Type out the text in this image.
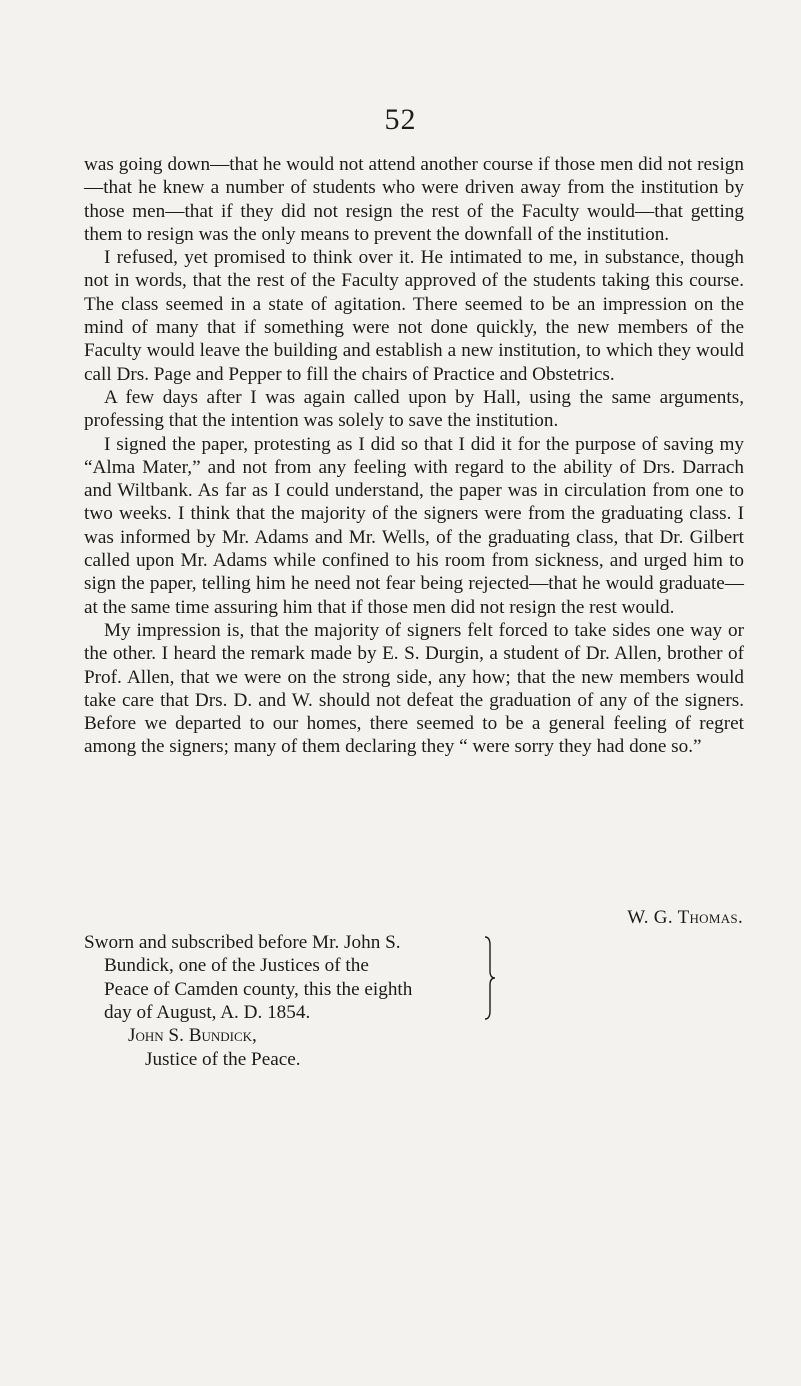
52

was going down—that he would not attend another course if those men did not resign—that he knew a number of students who were driven away from the institution by those men—that if they did not resign the rest of the Faculty would—that getting them to resign was the only means to prevent the downfall of the institution.

I refused, yet promised to think over it. He intimated to me, in substance, though not in words, that the rest of the Faculty approved of the students taking this course. The class seemed in a state of agitation. There seemed to be an impression on the mind of many that if something were not done quickly, the new members of the Faculty would leave the building and establish a new institution, to which they would call Drs. Page and Pepper to fill the chairs of Practice and Obstetrics.

A few days after I was again called upon by Hall, using the same arguments, professing that the intention was solely to save the institution.

I signed the paper, protesting as I did so that I did it for the purpose of saving my “Alma Mater,” and not from any feeling with regard to the ability of Drs. Darrach and Wiltbank. As far as I could understand, the paper was in circulation from one to two weeks. I think that the majority of the signers were from the graduating class. I was informed by Mr. Adams and Mr. Wells, of the graduating class, that Dr. Gilbert called upon Mr. Adams while confined to his room from sickness, and urged him to sign the paper, telling him he need not fear being rejected—that he would graduate—at the same time assuring him that if those men did not resign the rest would.

My impression is, that the majority of signers felt forced to take sides one way or the other. I heard the remark made by E. S. Durgin, a student of Dr. Allen, brother of Prof. Allen, that we were on the strong side, any how; that the new members would take care that Drs. D. and W. should not defeat the graduation of any of the signers. Before we departed to our homes, there seemed to be a general feeling of regret among the signers; many of them declaring they “ were sorry they had done so.”

W. G. Thomas.
Sworn and subscribed before Mr. John S.
Bundick, one of the Justices of the
Peace of Camden county, this the eighth
day of August, A. D. 1854.
John S. Bundick,
Justice of the Peace.
